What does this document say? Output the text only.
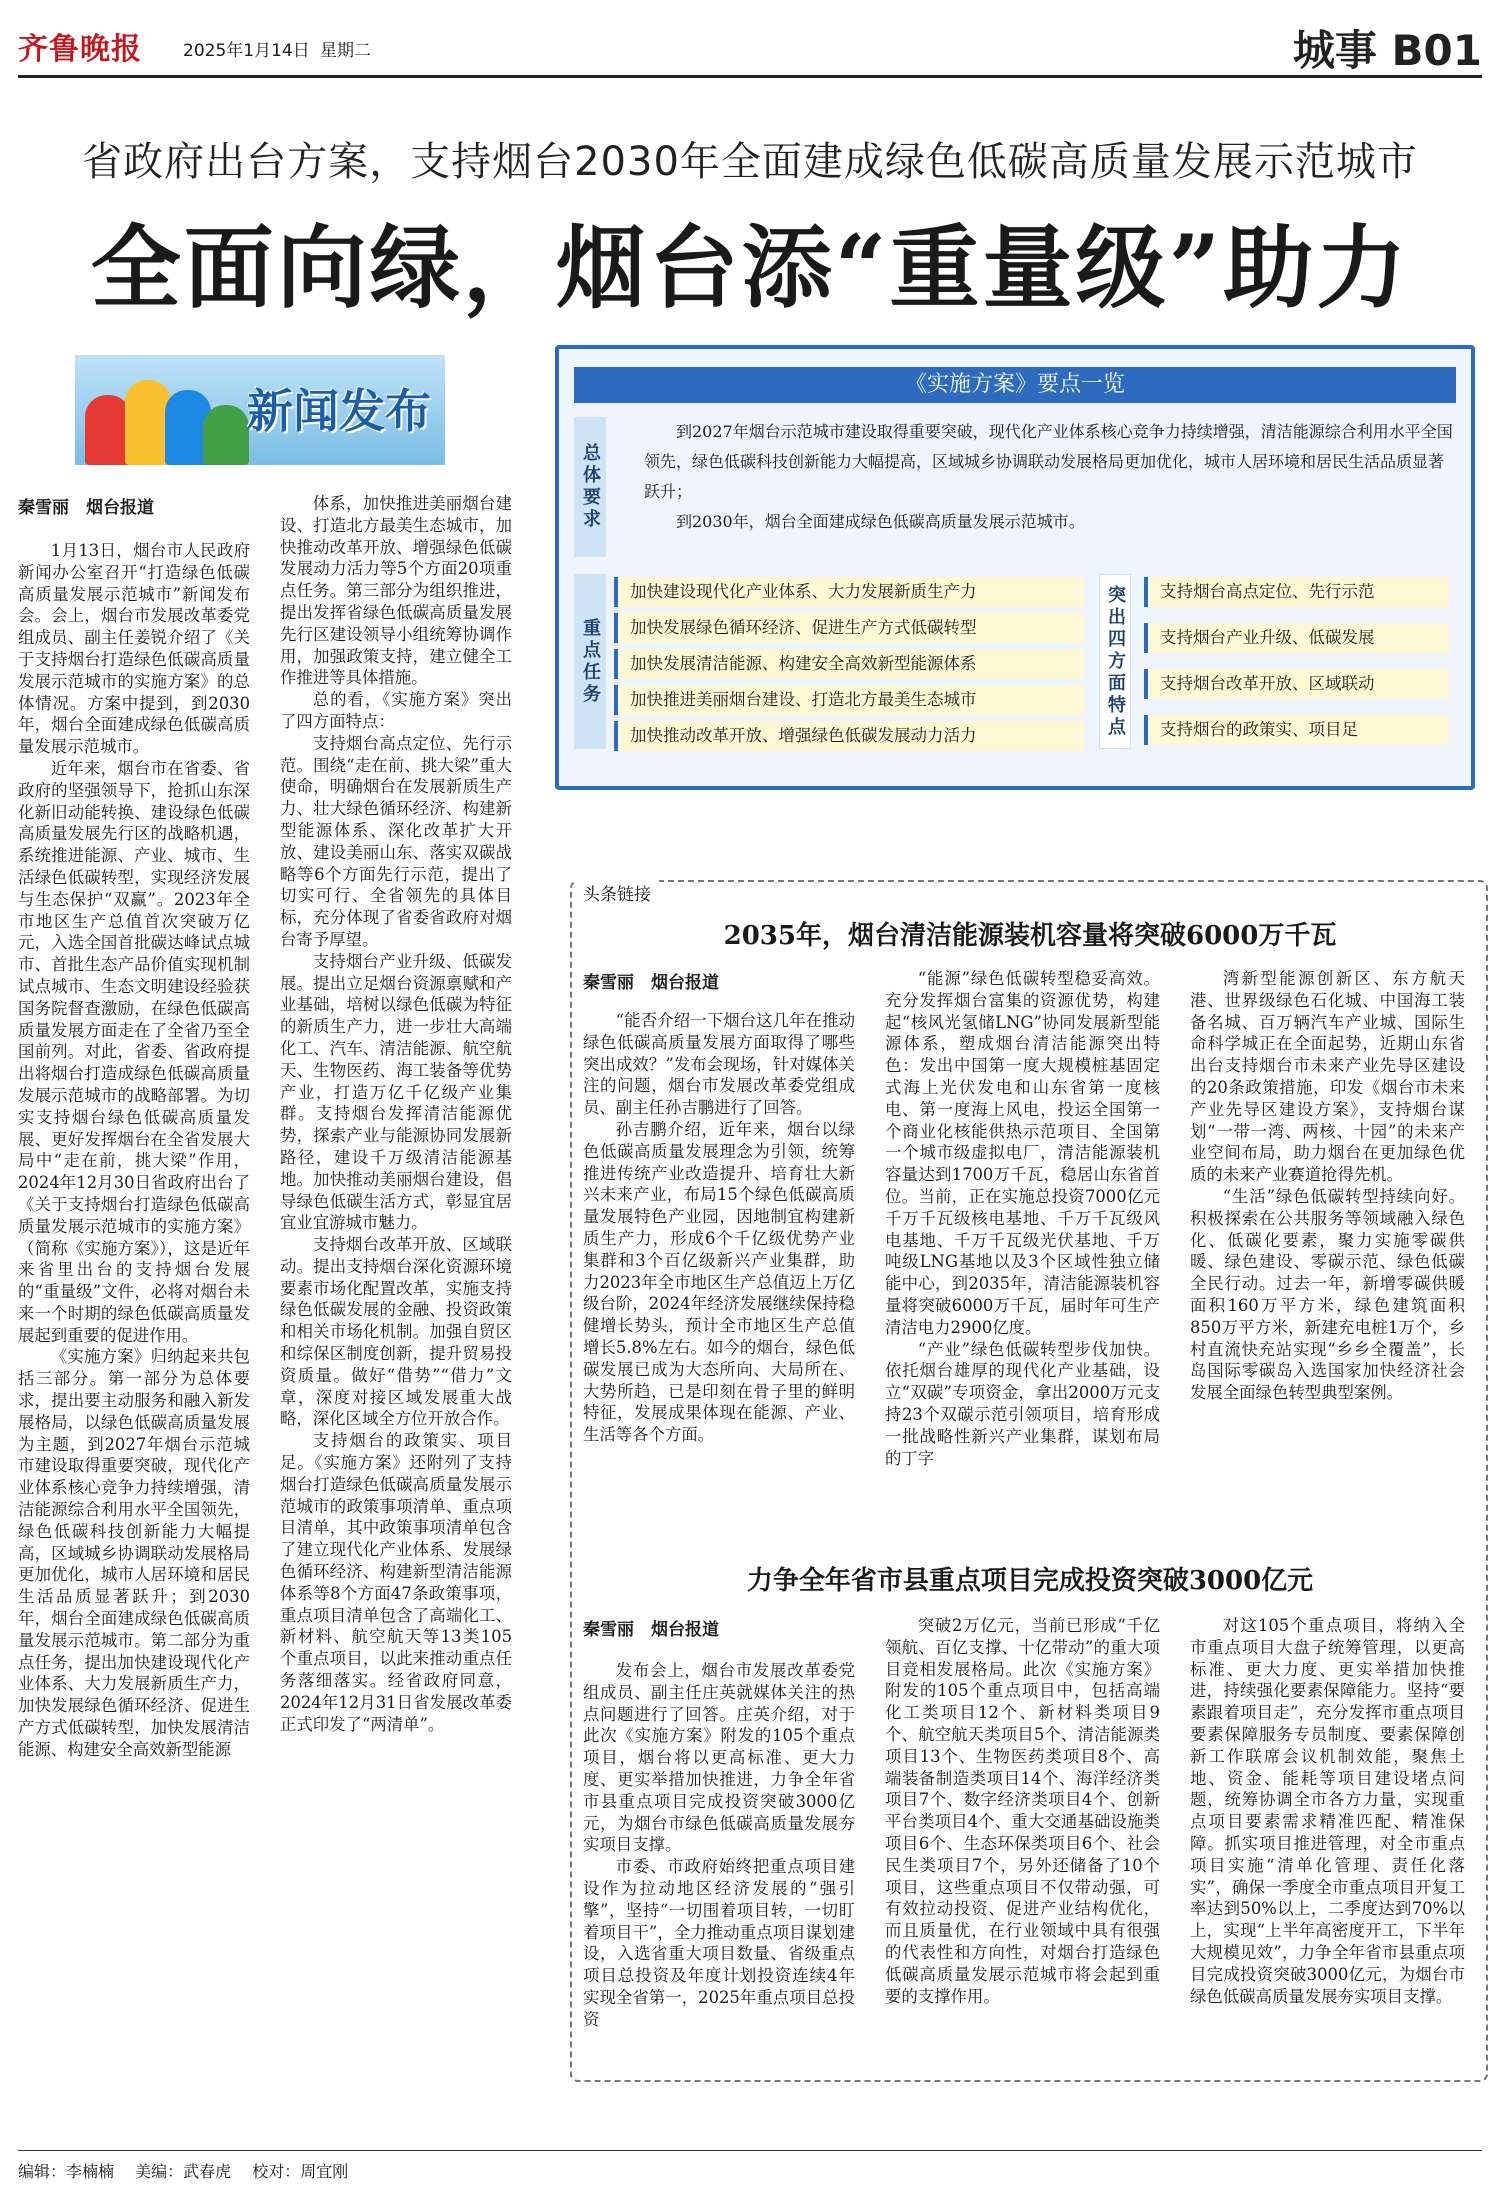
齐鲁晚报 2025年1月14日 星期二	城事 B01
省政府出台方案，支持烟台2030年全面建成绿色低碳高质量发展示范城市
全面向绿，烟台添“重量级”助力
新闻发布
秦雪丽　烟台报道

1月13日，烟台市人民政府新闻办公室召开“打造绿色低碳高质量发展示范城市”新闻发布会。会上，烟台市发展改革委党组成员、副主任姜锐介绍了《关于支持烟台打造绿色低碳高质量发展示范城市的实施方案》的总体情况。方案中提到，到2030年，烟台全面建成绿色低碳高质量发展示范城市。

近年来，烟台市在省委、省政府的坚强领导下，抢抓山东深化新旧动能转换、建设绿色低碳高质量发展先行区的战略机遇，系统推进能源、产业、城市、生活绿色低碳转型，实现经济发展与生态保护“双赢”。2023年全市地区生产总值首次突破万亿元，入选全国首批碳达峰试点城市、首批生态产品价值实现机制试点城市、生态文明建设经验获国务院督查激励，在绿色低碳高质量发展方面走在了全省乃至全国前列。对此，省委、省政府提出将烟台打造成绿色低碳高质量发展示范城市的战略部署。为切实支持烟台绿色低碳高质量发展、更好发挥烟台在全省发展大局中“走在前，挑大梁”作用，2024年12月30日省政府出台了《关于支持烟台打造绿色低碳高质量发展示范城市的实施方案》（简称《实施方案》），这是近年来省里出台的支持烟台发展的“重量级”文件，必将对烟台未来一个时期的绿色低碳高质量发展起到重要的促进作用。

《实施方案》归纳起来共包括三部分。第一部分为总体要求，提出要主动服务和融入新发展格局，以绿色低碳高质量发展为主题，到2027年烟台示范城市建设取得重要突破，现代化产业体系核心竞争力持续增强，清洁能源综合利用水平全国领先，绿色低碳科技创新能力大幅提高，区域城乡协调联动发展格局更加优化，城市人居环境和居民生活品质显著跃升；到2030年，烟台全面建成绿色低碳高质量发展示范城市。第二部分为重点任务，提出加快建设现代化产业体系、大力发展新质生产力，加快发展绿色循环经济、促进生产方式低碳转型，加快发展清洁能源、构建安全高效新型能源

体系，加快推进美丽烟台建设、打造北方最美生态城市，加快推动改革开放、增强绿色低碳发展动力活力等5个方面20项重点任务。第三部分为组织推进，提出发挥省绿色低碳高质量发展先行区建设领导小组统筹协调作用，加强政策支持，建立健全工作推进等具体措施。

总的看，《实施方案》突出了四方面特点：

支持烟台高点定位、先行示范。围绕“走在前、挑大梁”重大使命，明确烟台在发展新质生产力、壮大绿色循环经济、构建新型能源体系、深化改革扩大开放、建设美丽山东、落实双碳战略等6个方面先行示范，提出了切实可行、全省领先的具体目标，充分体现了省委省政府对烟台寄予厚望。

支持烟台产业升级、低碳发展。提出立足烟台资源禀赋和产业基础，培树以绿色低碳为特征的新质生产力，进一步壮大高端化工、汽车、清洁能源、航空航天、生物医药、海工装备等优势产业，打造万亿千亿级产业集群。支持烟台发挥清洁能源优势，探索产业与能源协同发展新路径，建设千万级清洁能源基地。加快推动美丽烟台建设，倡导绿色低碳生活方式，彰显宜居宜业宜游城市魅力。

支持烟台改革开放、区域联动。提出支持烟台深化资源环境要素市场化配置改革，实施支持绿色低碳发展的金融、投资政策和相关市场化机制。加强自贸区和综保区制度创新，提升贸易投资质量。做好“借势”“借力”文章，深度对接区域发展重大战略，深化区域全方位开放合作。

支持烟台的政策实、项目足。《实施方案》还附列了支持烟台打造绿色低碳高质量发展示范城市的政策事项清单、重点项目清单，其中政策事项清单包含了建立现代化产业体系、发展绿色循环经济、构建新型清洁能源体系等8个方面47条政策事项，重点项目清单包含了高端化工、新材料、航空航天等13类105个重点项目，以此来推动重点任务落细落实。经省政府同意，2024年12月31日省发展改革委正式印发了“两清单”。

《实施方案》要点一览
总体要求

到2027年烟台示范城市建设取得重要突破，现代化产业体系核心竞争力持续增强，清洁能源综合利用水平全国领先，绿色低碳科技创新能力大幅提高，区域城乡协调联动发展格局更加优化，城市人居环境和居民生活品质显著跃升；

到2030年，烟台全面建成绿色低碳高质量发展示范城市。

重点任务	突出四方面特点
加快建设现代化产业体系、大力发展新质生产力
加快发展绿色循环经济、促进生产方式低碳转型
加快发展清洁能源、构建安全高效新型能源体系
加快推进美丽烟台建设、打造北方最美生态城市
加快推动改革开放、增强绿色低碳发展动力活力
支持烟台高点定位、先行示范
支持烟台产业升级、低碳发展
支持烟台改革开放、区域联动
支持烟台的政策实、项目足
头条链接
2035年，烟台清洁能源装机容量将突破6000万千瓦
秦雪丽　烟台报道

“能否介绍一下烟台这几年在推动绿色低碳高质量发展方面取得了哪些突出成效？”发布会现场，针对媒体关注的问题，烟台市发展改革委党组成员、副主任孙吉鹏进行了回答。

孙吉鹏介绍，近年来，烟台以绿色低碳高质量发展理念为引领，统筹推进传统产业改造提升、培育壮大新兴未来产业，布局15个绿色低碳高质量发展特色产业园，因地制宜构建新质生产力，形成6个千亿级优势产业集群和3个百亿级新兴产业集群，助力2023年全市地区生产总值迈上万亿级台阶，2024年经济发展继续保持稳健增长势头，预计全市地区生产总值增长5.8%左右。如今的烟台，绿色低碳发展已成为大态所向、大局所在、大势所趋，已是印刻在骨子里的鲜明特征，发展成果体现在能源、产业、生活等各个方面。

“能源”绿色低碳转型稳妥高效。充分发挥烟台富集的资源优势，构建起“核风光氢储LNG”协同发展新型能源体系，塑成烟台清洁能源突出特色：发出中国第一度大规模桩基固定式海上光伏发电和山东省第一度核电、第一度海上风电，投运全国第一个商业化核能供热示范项目、全国第一个城市级虚拟电厂，清洁能源装机容量达到1700万千瓦，稳居山东省首位。当前，正在实施总投资7000亿元千万千瓦级核电基地、千万千瓦级风电基地、千万千瓦级光伏基地、千万吨级LNG基地以及3个区域性独立储能中心，到2035年，清洁能源装机容量将突破6000万千瓦，届时年可生产清洁电力2900亿度。

“产业”绿色低碳转型步伐加快。依托烟台雄厚的现代化产业基础，设立“双碳”专项资金，拿出2000万元支持23个双碳示范引领项目，培育形成一批战略性新兴产业集群，谋划布局的丁字

湾新型能源创新区、东方航天港、世界级绿色石化城、中国海工装备名城、百万辆汽车产业城、国际生命科学城正在全面起势，近期山东省出台支持烟台市未来产业先导区建设的20条政策措施，印发《烟台市未来产业先导区建设方案》，支持烟台谋划“一带一湾、两核、十园”的未来产业空间布局，助力烟台在更加绿色优质的未来产业赛道抢得先机。

“生活”绿色低碳转型持续向好。积极探索在公共服务等领域融入绿色化、低碳化要素，聚力实施零碳供暖、绿色建设、零碳示范、绿色低碳全民行动。过去一年，新增零碳供暖面积160万平方米，绿色建筑面积850万平方米，新建充电桩1万个，乡村直流快充站实现“乡乡全覆盖”，长岛国际零碳岛入选国家加快经济社会发展全面绿色转型典型案例。

力争全年省市县重点项目完成投资突破3000亿元
秦雪丽　烟台报道

发布会上，烟台市发展改革委党组成员、副主任庄英就媒体关注的热点问题进行了回答。庄英介绍，对于此次《实施方案》附发的105个重点项目，烟台将以更高标准、更大力度、更实举措加快推进，力争全年省市县重点项目完成投资突破3000亿元，为烟台市绿色低碳高质量发展夯实项目支撑。

市委、市政府始终把重点项目建设作为拉动地区经济发展的“强引擎”，坚持“一切围着项目转，一切盯着项目干”，全力推动重点项目谋划建设，入选省重大项目数量、省级重点项目总投资及年度计划投资连续4年实现全省第一，2025年重点项目总投资

突破2万亿元，当前已形成“千亿领航、百亿支撑、十亿带动”的重大项目竞相发展格局。此次《实施方案》附发的105个重点项目中，包括高端化工类项目12个、新材料类项目9个、航空航天类项目5个、清洁能源类项目13个、生物医药类项目8个、高端装备制造类项目14个、海洋经济类项目7个、数字经济类项目4个、创新平台类项目4个、重大交通基础设施类项目6个、生态环保类项目6个、社会民生类项目7个，另外还储备了10个项目，这些重点项目不仅带动强，可有效拉动投资、促进产业结构优化，而且质量优，在行业领域中具有很强的代表性和方向性，对烟台打造绿色低碳高质量发展示范城市将会起到重要的支撑作用。

对这105个重点项目，将纳入全市重点项目大盘子统筹管理，以更高标准、更大力度、更实举措加快推进，持续强化要素保障能力。坚持“要素跟着项目走”，充分发挥市重点项目要素保障服务专员制度、要素保障创新工作联席会议机制效能，聚焦土地、资金、能耗等项目建设堵点问题，统筹协调全市各方力量，实现重点项目要素需求精准匹配、精准保障。抓实项目推进管理，对全市重点项目实施“清单化管理、责任化落实”，确保一季度全市重点项目开复工率达到50%以上，二季度达到70%以上，实现“上半年高密度开工，下半年大规模见效”，力争全年省市县重点项目完成投资突破3000亿元，为烟台市绿色低碳高质量发展夯实项目支撑。

编辑：李楠楠 美编：武春虎 校对：周宜刚
